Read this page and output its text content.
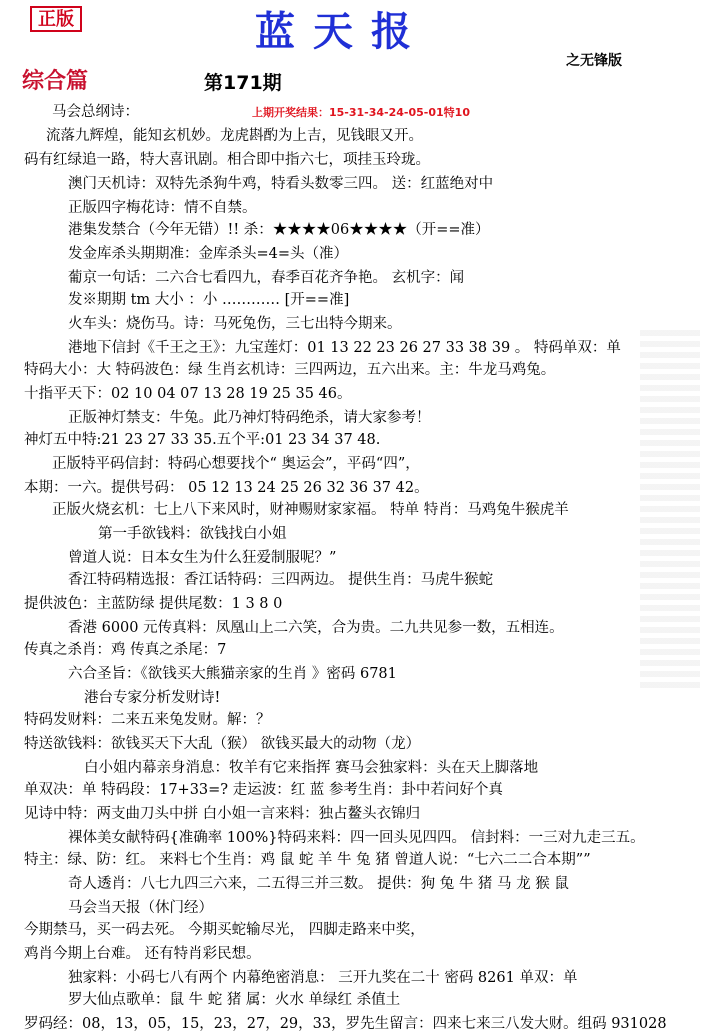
正版	蓝天报
之无锋版
综合篇	第171期
上期开奖结果：15-31-34-24-05-01特10
马会总纲诗：
流落九辉煌，能知玄机妙。龙虎斟酌为上吉，见钱眼又开。
码有红绿追一路，特大喜讯剧。相合即中指六七，项挂玉玲珑。
澳门天机诗：双特先杀狗牛鸡，特看头数零三四。 送：红蓝绝对中
正版四字梅花诗：情不自禁。
港集发禁合（今年无错）!! 杀：★★★★06★★★★（开==准）
发金库杀头期期准：金库杀头=4=头（准）
葡京一句话：二六合七看四九，春季百花齐争艳。 玄机字：闻
发※期期 tm 大小 ：小 ………… [开==准]
火车头：烧伤马。诗：马死兔伤，三七出特今期来。
港地下信封《千王之王》：九宝莲灯：01 13 22 23 26 27 33 38 39 。 特码单双：单
特码大小：大 特码波色：绿 生肖玄机诗：三四两边，五六出来。主：牛龙马鸡兔。
十指平天下：02 10 04 07 13 28 19 25 35 46。
正版神灯禁支：牛兔。此乃神灯特码绝杀，请大家参考！
神灯五中特:21 23 27 33 35.五个平:01 23 34 37 48.
正版特平码信封：特码心想要找个“ 奥运会”，平码“四”，
本期：一六。提供号码： 05 12 13 24 25 26 32 36 37 42。
正版火烧玄机：七上八下来风时，财神赐财家家福。 特单 特肖：马鸡兔牛猴虎羊
第一手欲钱料：欲钱找白小姐
曾道人说：日本女生为什么狂爱制服呢？”
香江特码精选报：香江话特码：三四两边。 提供生肖：马虎牛猴蛇
提供波色：主蓝防绿 提供尾数：1 3 8 0
香港 6000 元传真料：凤凰山上二六笑，合为贵。二九共见参一数，五相连。
传真之杀肖：鸡 传真之杀尾：7
六合圣旨：《欲钱买大熊猫亲家的生肖 》密码 6781
港台专家分析发财诗!
特码发财料：二来五来兔发财。解：？
特送欲钱料：欲钱买天下大乱（猴） 欲钱买最大的动物（龙）
白小姐内幕亲身消息：牧羊有它来指挥 赛马会独家料：头在天上脚落地
单双决：单 特码段：17+33=? 走运波：红 蓝 参考生肖：卦中若问好个真
见诗中特：两支曲刀头中拼 白小姐一言来料：独占鳌头衣锦归
裸体美女献特码{准确率 100%}特码来料：四一回头见四四。 信封料：一三对九走三五。
特主：绿、防：红。 来料七个生肖：鸡 鼠 蛇 羊 牛 兔 猪 曾道人说：“七六二二合本期””
奇人透肖：八七九四三六来，二五得三并三数。 提供：狗 兔 牛 猪 马 龙 猴 鼠
马会当天报（休门经）
今期禁马，买一码去死。 今期买蛇输尽光， 四脚走路来中奖，
鸡肖今期上台难。 还有特肖彩民想。
独家料：小码七八有两个 内幕绝密消息： 三开九奖在二十 密码 8261 单双：单
罗大仙点歌单：鼠 牛 蛇 猪 属：火水 单绿红 杀值土
罗码经：08，13，05，15，23，27，29，33，罗先生留言：四来七来三八发大财。组码 931028
